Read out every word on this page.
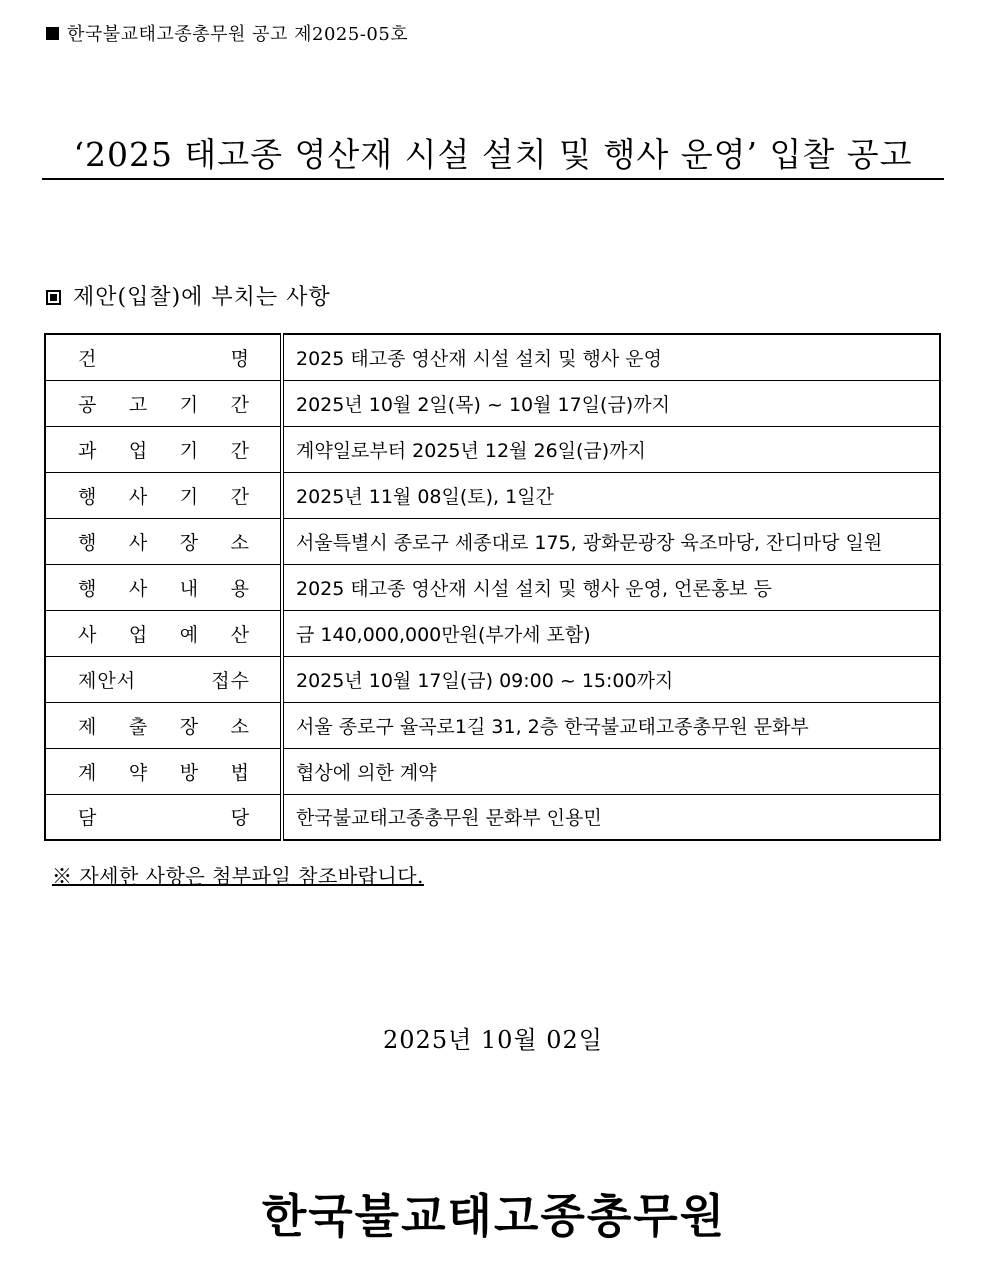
한국불교태고종총무원 공고 제2025-05호
‘2025 태고종 영산재 시설 설치 및 행사 운영’ 입찰 공고
제안(입찰)에 부치는 사항
건 명	2025 태고종 영산재 시설 설치 및 행사 운영
공 고 기 간	2025년 10월 2일(목) ~ 10월 17일(금)까지
과 업 기 간	계약일로부터 2025년 12월 26일(금)까지
행 사 기 간	2025년 11월 08일(토), 1일간
행 사 장 소	서울특별시 종로구 세종대로 175, 광화문광장 육조마당, 잔디마당 일원
행 사 내 용	2025 태고종 영산재 시설 설치 및 행사 운영, 언론홍보 등
사 업 예 산	금 140,000,000만원(부가세 포함)
제안서 접수	2025년 10월 17일(금) 09:00 ~ 15:00까지
제 출 장 소	서울 종로구 율곡로1길 31, 2층 한국불교태고종총무원 문화부
계 약 방 법	협상에 의한 계약
담 당	한국불교태고종총무원 문화부 인용민
※ 자세한 사항은 첨부파일 참조바랍니다.
2025년 10월 02일
한국불교태고종총무원
